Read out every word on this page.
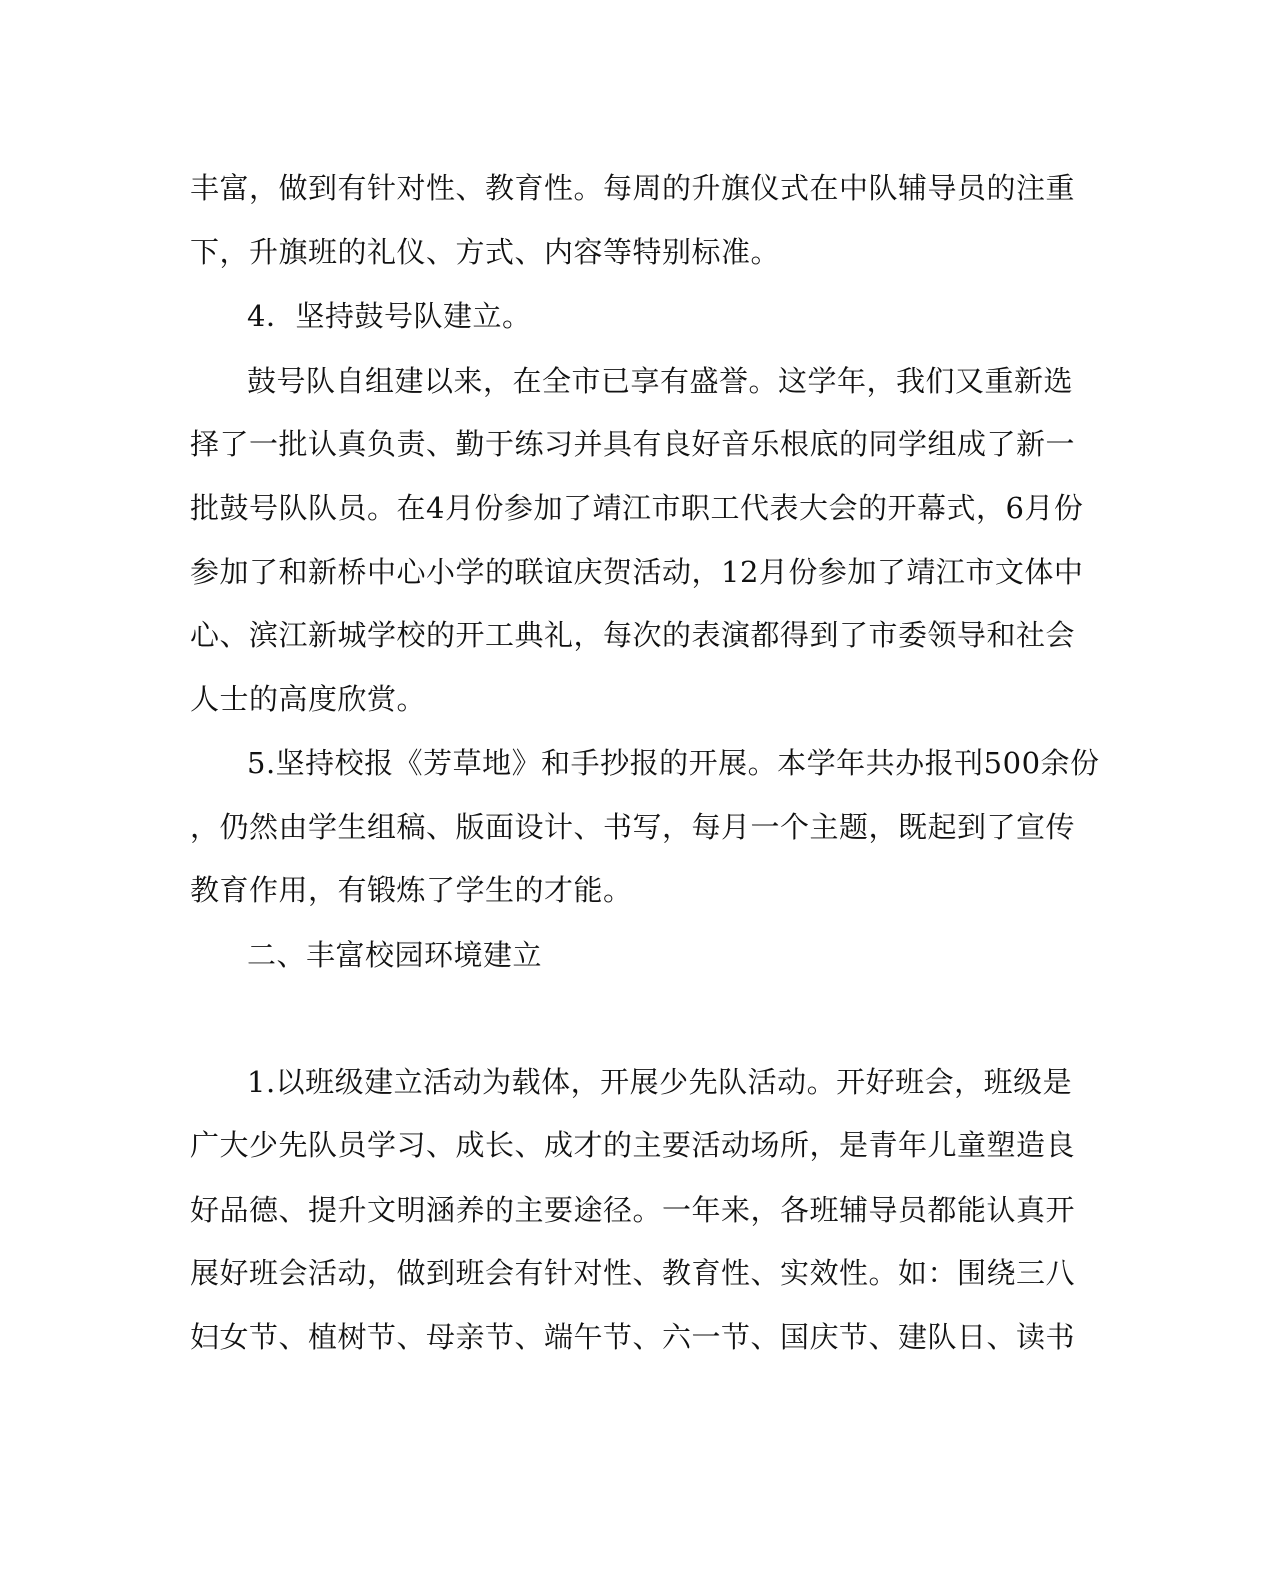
丰富，做到有针对性、教育性。每周的升旗仪式在中队辅导员的注重
下，升旗班的礼仪、方式、内容等特别标准。
4．坚持鼓号队建立。
鼓号队自组建以来，在全市已享有盛誉。这学年，我们又重新选
择了一批认真负责、勤于练习并具有良好音乐根底的同学组成了新一
批鼓号队队员。在4月份参加了靖江市职工代表大会的开幕式，6月份
参加了和新桥中心小学的联谊庆贺活动，12月份参加了靖江市文体中
心、滨江新城学校的开工典礼，每次的表演都得到了市委领导和社会
人士的高度欣赏。
5.坚持校报《芳草地》和手抄报的开展。本学年共办报刊500余份
，仍然由学生组稿、版面设计、书写，每月一个主题，既起到了宣传
教育作用，有锻炼了学生的才能。
二、丰富校园环境建立
1.以班级建立活动为载体，开展少先队活动。开好班会，班级是
广大少先队员学习、成长、成才的主要活动场所，是青年儿童塑造良
好品德、提升文明涵养的主要途径。一年来，各班辅导员都能认真开
展好班会活动，做到班会有针对性、教育性、实效性。如：围绕三八
妇女节、植树节、母亲节、端午节、六一节、国庆节、建队日、读书
